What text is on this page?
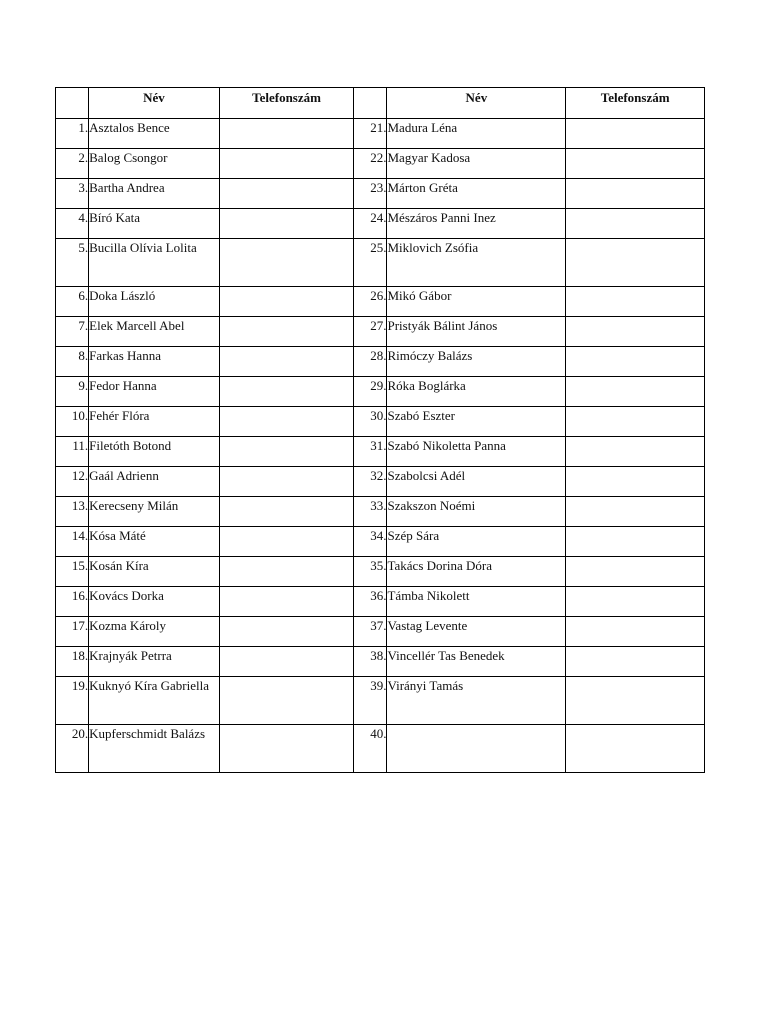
	Név	Telefonszám		Név	Telefonszám
1.	Asztalos Bence		21.	Madura Léna	
2.	Balog Csongor		22.	Magyar Kadosa	
3.	Bartha Andrea		23.	Márton Gréta	
4.	Bíró Kata		24.	Mészáros Panni Inez	
5.	Bucilla Olívia Lolita		25.	Miklovich Zsófia	
6.	Doka László		26.	Mikó Gábor	
7.	Elek Marcell Abel		27.	Pristyák Bálint János	
8.	Farkas Hanna		28.	Rimóczy Balázs	
9.	Fedor Hanna		29.	Róka Boglárka	
10.	Fehér Flóra		30.	Szabó Eszter	
11.	Filetóth Botond		31.	Szabó Nikoletta Panna	
12.	Gaál Adrienn		32.	Szabolcsi Adél	
13.	Kerecseny Milán		33.	Szakszon Noémi	
14.	Kósa Máté		34.	Szép Sára	
15.	Kosán Kíra		35.	Takács Dorina Dóra	
16.	Kovács Dorka		36.	Támba Nikolett	
17.	Kozma Károly		37.	Vastag Levente	
18.	Krajnyák Petrra		38.	Vincellér Tas Benedek	
19.	Kuknyó Kíra Gabriella		39.	Virányi Tamás	
20.	Kupferschmidt Balázs		40.		
